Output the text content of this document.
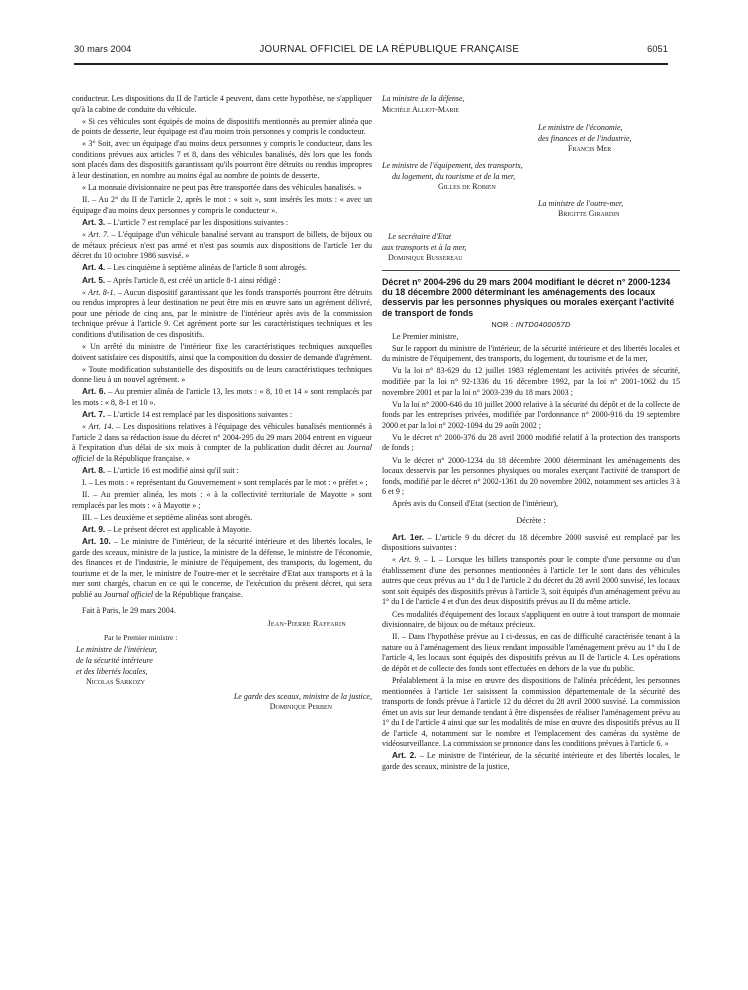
30 mars 2004	JOURNAL OFFICIEL DE LA RÉPUBLIQUE FRANÇAISE	6051

conducteur. Les dispositions du II de l'article 4 peuvent, dans cette hypothèse, ne s'appliquer qu'à la cabine de conduite du véhicule.

« Si ces véhicules sont équipés de moins de dispositifs mentionnés au premier alinéa que de points de desserte, leur équipage est d'au moins trois personnes y compris le conducteur.

« 3° Soit, avec un équipage d'au moins deux personnes y compris le conducteur, dans les conditions prévues aux articles 7 et 8, dans des véhicules banalisés, dès lors que les fonds sont placés dans des dispositifs garantissant qu'ils pourront être détruits ou rendus impropres à leur destination, en nombre au moins égal au nombre de points de desserte.

« La monnaie divisionnaire ne peut pas être transportée dans des véhicules banalisés. »

II. – Au 2° du II de l'article 2, après le mot : « soit », sont insérés les mots : « avec un équipage d'au moins deux personnes y compris le conducteur ».

Art. 3. – L'article 7 est remplacé par les dispositions suivantes :

« Art. 7. – L'équipage d'un véhicule banalisé servant au transport de billets, de bijoux ou de métaux précieux n'est pas armé et n'est pas soumis aux dispositions de l'article 1er du décret du 10 octobre 1986 susvisé. »

Art. 4. – Les cinquième à septième alinéas de l'article 8 sont abrogés.

Art. 5. – Après l'article 8, est créé un article 8-1 ainsi rédigé :

« Art. 8-1. – Aucun dispositif garantissant que les fonds transportés pourront être détruits ou rendus impropres à leur destination ne peut être mis en œuvre sans un agrément délivré, pour une période de cinq ans, par le ministre de l'intérieur après avis de la commission technique prévue à l'article 9. Cet agrément porte sur les caractéristiques techniques et les conditions d'utilisation de ces dispositifs.

« Un arrêté du ministre de l'intérieur fixe les caractéristiques techniques auxquelles doivent satisfaire ces dispositifs, ainsi que la composition du dossier de demande d'agrément.

« Toute modification substantielle des dispositifs ou de leurs caractéristiques techniques donne lieu à un nouvel agrément. »

Art. 6. – Au premier alinéa de l'article 13, les mots : « 8, 10 et 14 » sont remplacés par les mots : « 8, 8-1 et 10 ».

Art. 7. – L'article 14 est remplacé par les dispositions suivantes :

« Art. 14. – Les dispositions relatives à l'équipage des véhicules banalisés mentionnés à l'article 2 dans sa rédaction issue du décret n° 2004-295 du 29 mars 2004 entrent en vigueur à l'expiration d'un délai de six mois à compter de la publication dudit décret au Journal officiel de la République française. »

Art. 8. – L'article 16 est modifié ainsi qu'il suit :

I. – Les mots : « représentant du Gouvernement » sont remplacés par le mot : « préfet » ;

II. – Au premier alinéa, les mots : « à la collectivité territoriale de Mayotte » sont remplacés par les mots : « à Mayotte » ;

III. – Les deuxième et septième alinéas sont abrogés.

Art. 9. – Le présent décret est applicable à Mayotte.

Art. 10. – Le ministre de l'intérieur, de la sécurité intérieure et des libertés locales, le garde des sceaux, ministre de la justice, la ministre de la défense, le ministre de l'économie, des finances et de l'industrie, le ministre de l'équipement, des transports, du logement, du tourisme et de la mer, le ministre de l'outre-mer et le secrétaire d'Etat aux transports et à la mer sont chargés, chacun en ce qui le concerne, de l'exécution du présent décret, qui sera publié au Journal officiel de la République française.

Fait à Paris, le 29 mars 2004.

Jean-Pierre Raffarin

Par le Premier ministre :

Le ministre de l'intérieur,
de la sécurité intérieure
et des libertés locales,
Nicolas Sarkozy
Le garde des sceaux, ministre de la justice,
Dominique Perben
La ministre de la défense,
Michèle Alliot-Marie
Le ministre de l'économie,
des finances et de l'industrie,
Francis Mer
Le ministre de l'équipement, des transports,
du logement, du tourisme et de la mer,
Gilles de Robien
La ministre de l'outre-mer,
Brigitte Girardin
Le secrétaire d'Etat
aux transports et à la mer,
Dominique Bussereau

Décret n° 2004-296 du 29 mars 2004 modifiant le décret n° 2000-1234 du 18 décembre 2000 déterminant les aménagements des locaux desservis par les personnes physiques ou morales exerçant l'activité de transport de fonds

NOR : INTD0400057D

Le Premier ministre,

Sur le rapport du ministre de l'intérieur, de la sécurité intérieure et des libertés locales et du ministre de l'équipement, des transports, du logement, du tourisme et de la mer,

Vu la loi n° 83-629 du 12 juillet 1983 réglementant les activités privées de sécurité, modifiée par la loi n° 92-1336 du 16 décembre 1992, par la loi n° 2001-1062 du 15 novembre 2001 et par la loi n° 2003-239 du 18 mars 2003 ;

Vu la loi n° 2000-646 du 10 juillet 2000 relative à la sécurité du dépôt et de la collecte de fonds par les entreprises privées, modifiée par l'ordonnance n° 2000-916 du 19 septembre 2000 et par la loi n° 2002-1094 du 29 août 2002 ;

Vu le décret n° 2000-376 du 28 avril 2000 modifié relatif à la protection des transports de fonds ;

Vu le décret n° 2000-1234 du 18 décembre 2000 déterminant les aménagements des locaux desservis par les personnes physiques ou morales exerçant l'activité de transport de fonds, modifié par le décret n° 2002-1361 du 20 novembre 2002, notamment ses articles 3 à 6 et 9 ;

Après avis du Conseil d'Etat (section de l'intérieur),

Décrète :

Art. 1er. – L'article 9 du décret du 18 décembre 2000 susvisé est remplacé par les dispositions suivantes :

« Art. 9. – I. – Lorsque les billets transportés pour le compte d'une personne ou d'un établissement d'une des personnes mentionnées à l'article 1er le sont dans des véhicules autres que ceux prévus au 1° du I de l'article 2 du décret du 28 avril 2000 susvisé, les locaux sont soit équipés des dispositifs prévus à l'article 3, soit équipés d'un aménagement prévu au 1° du I de l'article 4 et d'un des deux dispositifs prévus au II du même article.

Ces modalités d'équipement des locaux s'appliquent en outre à tout transport de monnaie divisionnaire, de bijoux ou de métaux précieux.

II. – Dans l'hypothèse prévue au I ci-dessus, en cas de difficulté caractérisée tenant à la nature ou à l'aménagement des lieux rendant impossible l'aménagement prévu au 1° du I de l'article 4, les locaux sont équipés des dispositifs prévus au II de l'article 4. Les opérations de dépôt et de collecte des fonds sont effectuées en dehors de la vue du public.

Préalablement à la mise en œuvre des dispositions de l'alinéa précédent, les personnes mentionnées à l'article 1er saisissent la commission départementale de la sécurité des transports de fonds prévue à l'article 12 du décret du 28 avril 2000 susvisé. La commission émet un avis sur leur demande tendant à être dispensées de réaliser l'aménagement prévu au 1° du I de l'article 4 ainsi que sur les modalités de mise en œuvre des dispositifs prévus au II de l'article 4, notamment sur le nombre et l'emplacement des caméras du système de vidéosurveillance. La commission se prononce dans les conditions prévues à l'article 6. »

Art. 2. – Le ministre de l'intérieur, de la sécurité intérieure et des libertés locales, le garde des sceaux, ministre de la justice,
